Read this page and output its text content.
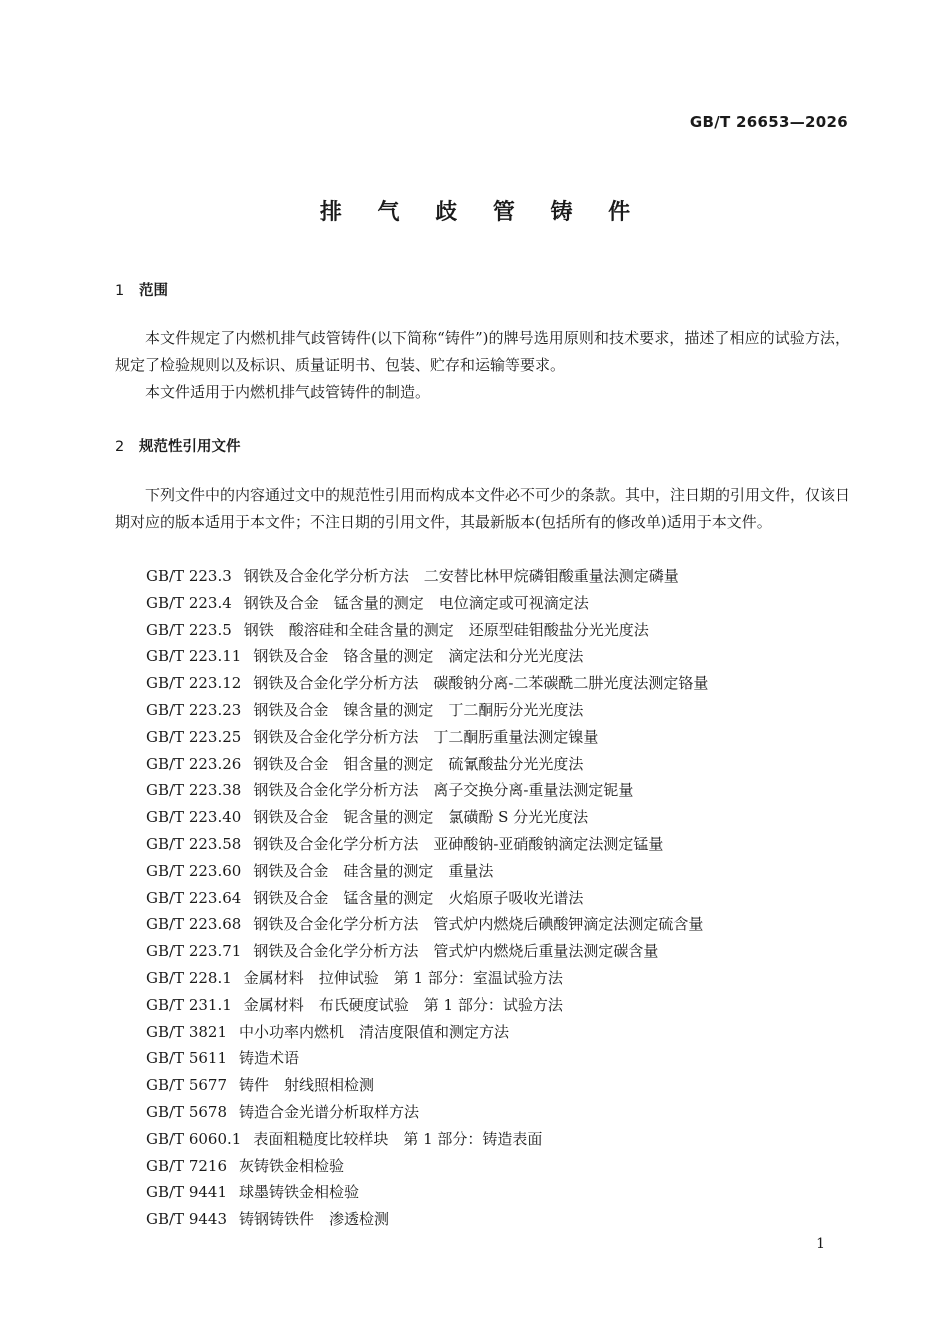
GB/T 26653—2026
排 气 歧 管 铸 件
1 范围
本文件规定了内燃机排气歧管铸件(以下简称“铸件”)的牌号选用原则和技术要求，描述了相应的试验方法，规定了检验规则以及标识、质量证明书、包装、贮存和运输等要求。
本文件适用于内燃机排气歧管铸件的制造。
2 规范性引用文件
下列文件中的内容通过文中的规范性引用而构成本文件必不可少的条款。其中，注日期的引用文件，仅该日期对应的版本适用于本文件；不注日期的引用文件，其最新版本(包括所有的修改单)适用于本文件。
GB/T 223.3 钢铁及合金化学分析方法　二安替比林甲烷磷钼酸重量法测定磷量
GB/T 223.4 钢铁及合金　锰含量的测定　电位滴定或可视滴定法
GB/T 223.5 钢铁　酸溶硅和全硅含量的测定　还原型硅钼酸盐分光光度法
GB/T 223.11 钢铁及合金　铬含量的测定　滴定法和分光光度法
GB/T 223.12 钢铁及合金化学分析方法　碳酸钠分离-二苯碳酰二肼光度法测定铬量
GB/T 223.23 钢铁及合金　镍含量的测定　丁二酮肟分光光度法
GB/T 223.25 钢铁及合金化学分析方法　丁二酮肟重量法测定镍量
GB/T 223.26 钢铁及合金　钼含量的测定　硫氰酸盐分光光度法
GB/T 223.38 钢铁及合金化学分析方法　离子交换分离-重量法测定铌量
GB/T 223.40 钢铁及合金　铌含量的测定　氯磺酚 S 分光光度法
GB/T 223.58 钢铁及合金化学分析方法　亚砷酸钠-亚硝酸钠滴定法测定锰量
GB/T 223.60 钢铁及合金　硅含量的测定　重量法
GB/T 223.64 钢铁及合金　锰含量的测定　火焰原子吸收光谱法
GB/T 223.68 钢铁及合金化学分析方法　管式炉内燃烧后碘酸钾滴定法测定硫含量
GB/T 223.71 钢铁及合金化学分析方法　管式炉内燃烧后重量法测定碳含量
GB/T 228.1 金属材料　拉伸试验　第 1 部分：室温试验方法
GB/T 231.1 金属材料　布氏硬度试验　第 1 部分：试验方法
GB/T 3821 中小功率内燃机　清洁度限值和测定方法
GB/T 5611 铸造术语
GB/T 5677 铸件　射线照相检测
GB/T 5678 铸造合金光谱分析取样方法
GB/T 6060.1 表面粗糙度比较样块　第 1 部分：铸造表面
GB/T 7216 灰铸铁金相检验
GB/T 9441 球墨铸铁金相检验
GB/T 9443 铸钢铸铁件　渗透检测
1
